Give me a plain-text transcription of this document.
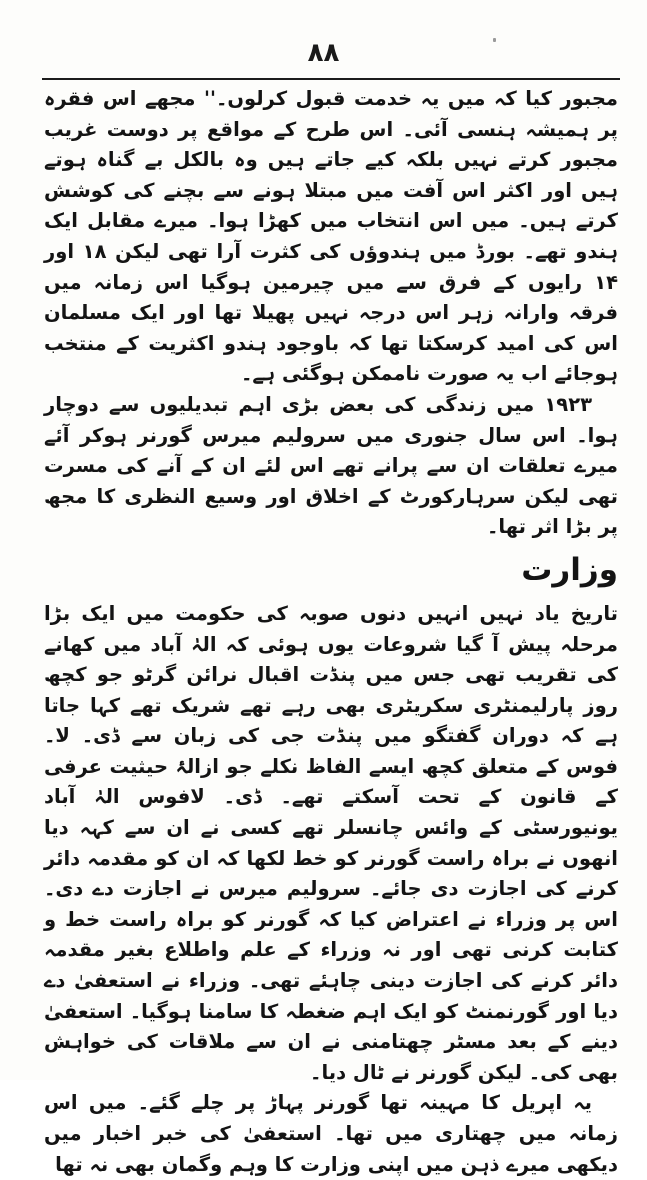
۸۸

مجبور کیا کہ میں یہ خدمت قبول کرلوں۔'' مجھے اس فقرہ پر ہمیشہ ہنسی آئی۔ اس طرح کے مواقع پر دوست غریب مجبور کرتے نہیں بلکہ کیے جاتے ہیں وہ بالکل بے گناہ ہوتے ہیں اور اکثر اس آفت میں مبتلا ہونے سے بچنے کی کوشش کرتے ہیں۔ میں اس انتخاب میں کھڑا ہوا۔ میرے مقابل ایک ہندو تھے۔ بورڈ میں ہندوؤں کی کثرت آرا تھی لیکن ۱۸ اور ۱۴ رایوں کے فرق سے میں چیرمین ہوگیا اس زمانہ میں فرقہ وارانہ زہر اس درجہ نہیں پھیلا تھا اور ایک مسلمان اس کی امید کرسکتا تھا کہ باوجود ہندو اکثریت کے منتخب ہوجائے اب یہ صورت ناممکن ہوگئی ہے۔

۱۹۲۳ میں زندگی کی بعض بڑی اہم تبدیلیوں سے دوچار ہوا۔ اس سال جنوری میں سرولیم میرس گورنر ہوکر آئے میرے تعلقات ان سے پرانے تھے اس لئے ان کے آنے کی مسرت تھی لیکن سرہارکورٹ کے اخلاق اور وسیع النظری کا مجھ پر بڑا اثر تھا۔

وزارت

تاریخ یاد نہیں انہیں دنوں صوبہ کی حکومت میں ایک بڑا مرحلہ پیش آ گیا شروعات یوں ہوئی کہ الہٰ آباد میں کھانے کی تقریب تھی جس میں پنڈت اقبال نرائن گرٹو جو کچھ روز پارلیمنٹری سکریٹری بھی رہے تھے شریک تھے کہا جاتا ہے کہ دوران گفتگو میں پنڈت جی کی زبان سے ڈی۔ لا۔ فوس کے متعلق کچھ ایسے الفاظ نکلے جو ازالۂ حیثیت عرفی کے قانون کے تحت آسکتے تھے۔ ڈی۔ لافوس الہٰ آباد یونیورسٹی کے وائس چانسلر تھے کسی نے ان سے کہہ دیا انھوں نے براہ راست گورنر کو خط لکھا کہ ان کو مقدمہ دائر کرنے کی اجازت دی جائے۔ سرولیم میرس نے اجازت دے دی۔ اس پر وزراء نے اعتراض کیا کہ گورنر کو براہ راست خط و کتابت کرنی تھی اور نہ وزراء کے علم واطلاع بغیر مقدمہ دائر کرنے کی اجازت دینی چاہئے تھی۔ وزراء نے استعفیٰ دے دیا اور گورنمنٹ کو ایک اہم ضغطہ کا سامنا ہوگیا۔ استعفیٰ دینے کے بعد مسٹر چھتامنی نے ان سے ملاقات کی خواہش بھی کی۔ لیکن گورنر نے ٹال دیا۔

یہ اپریل کا مہینہ تھا گورنر پہاڑ پر چلے گئے۔ میں اس زمانہ میں چھتاری میں تھا۔ استعفیٰ کی خبر اخبار میں دیکھی میرے ذہن میں اپنی وزارت کا وہم وگمان بھی نہ تھا
